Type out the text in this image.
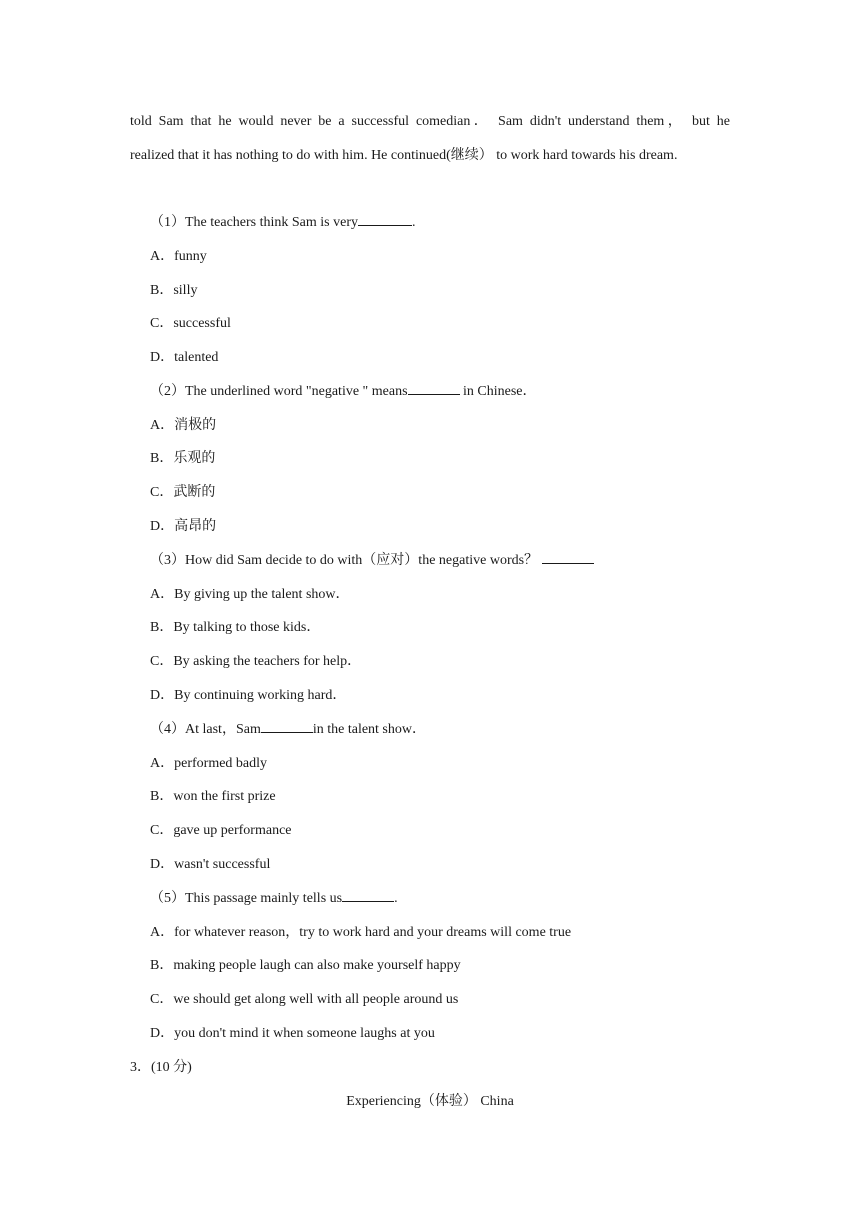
told Sam that he would never be a successful comedian． Sam didn't understand them， but he
realized that it has nothing to do with him. He continued(继续） to work hard towards his dream.
（1）The teachers think Sam is very	.
A．funny
B．silly
C．successful
D．talented
（2）The underlined word "negative " means	in Chinese．
A．消极的
B．乐观的
C．武断的
D．高昂的
（3）How did Sam decide to do with（应对）the negative words？
A．By giving up the talent show．
B．By talking to those kids．
C．By asking the teachers for help．
D．By continuing working hard．
（4）At last，Sam	in the talent show．
A．performed badly
B．won the first prize
C．gave up performance
D．wasn't successful
（5）This passage mainly tells us	.
A．for whatever reason，try to work hard and your dreams will come true
B．making people laugh can also make yourself happy
C．we should get along well with all people around us
D．you don't mind it when someone laughs at you
3．(10 分)
Experiencing（体验） China
